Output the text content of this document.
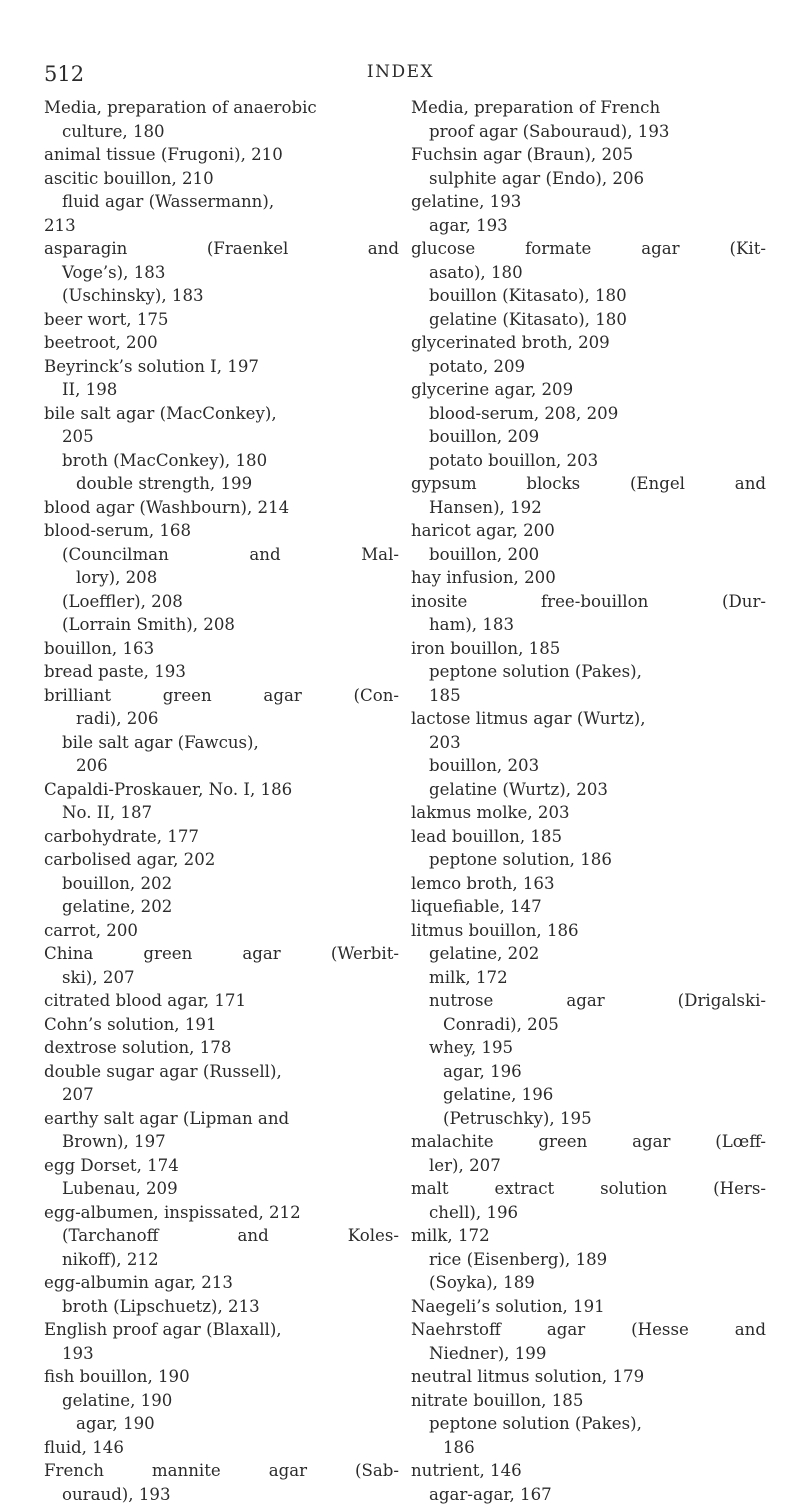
512	INDEX
Media, preparation of anaerobic
culture, 180
animal tissue (Frugoni), 210
ascitic bouillon, 210
fluid agar (Wassermann),
213
asparagin (Fraenkel and
Voge’s), 183
(Uschinsky), 183
beer wort, 175
beetroot, 200
Beyrinck’s solution I, 197
II, 198
bile salt agar (MacConkey),
205
broth (MacConkey), 180
double strength, 199
blood agar (Washbourn), 214
blood-serum, 168
(Councilman and Mal-
lory), 208
(Loeffler), 208
(Lorrain Smith), 208
bouillon, 163
bread paste, 193
brilliant green agar (Con-
radi), 206
bile salt agar (Fawcus),
206
Capaldi-Proskauer, No. I, 186
No. II, 187
carbohydrate, 177
carbolised agar, 202
bouillon, 202
gelatine, 202
carrot, 200
China green agar (Werbit-
ski), 207
citrated blood agar, 171
Cohn’s solution, 191
dextrose solution, 178
double sugar agar (Russell),
207
earthy salt agar (Lipman and
Brown), 197
egg Dorset, 174
Lubenau, 209
egg-albumen, inspissated, 212
(Tarchanoff and Koles-
nikoff), 212
egg-albumin agar, 213
broth (Lipschuetz), 213
English proof agar (Blaxall),
193
fish bouillon, 190
gelatine, 190
agar, 190
fluid, 146
French mannite agar (Sab-
ouraud), 193
Media, preparation of French
proof agar (Sabouraud), 193
Fuchsin agar (Braun), 205
sulphite agar (Endo), 206
gelatine, 193
agar, 193
glucose formate agar (Kit-
asato), 180
bouillon (Kitasato), 180
gelatine (Kitasato), 180
glycerinated broth, 209
potato, 209
glycerine agar, 209
blood-serum, 208, 209
bouillon, 209
potato bouillon, 203
gypsum blocks (Engel and
Hansen), 192
haricot agar, 200
bouillon, 200
hay infusion, 200
inosite free-bouillon (Dur-
ham), 183
iron bouillon, 185
peptone solution (Pakes),
185
lactose litmus agar (Wurtz),
203
bouillon, 203
gelatine (Wurtz), 203
lakmus molke, 203
lead bouillon, 185
peptone solution, 186
lemco broth, 163
liquefiable, 147
litmus bouillon, 186
gelatine, 202
milk, 172
nutrose agar (Drigalski-
Conradi), 205
whey, 195
agar, 196
gelatine, 196
(Petruschky), 195
malachite green agar (Lœff-
ler), 207
malt extract solution (Hers-
chell), 196
milk, 172
rice (Eisenberg), 189
(Soyka), 189
Naegeli’s solution, 191
Naehrstoff agar (Hesse and
Niedner), 199
neutral litmus solution, 179
nitrate bouillon, 185
peptone solution (Pakes),
186
nutrient, 146
agar-agar, 167
